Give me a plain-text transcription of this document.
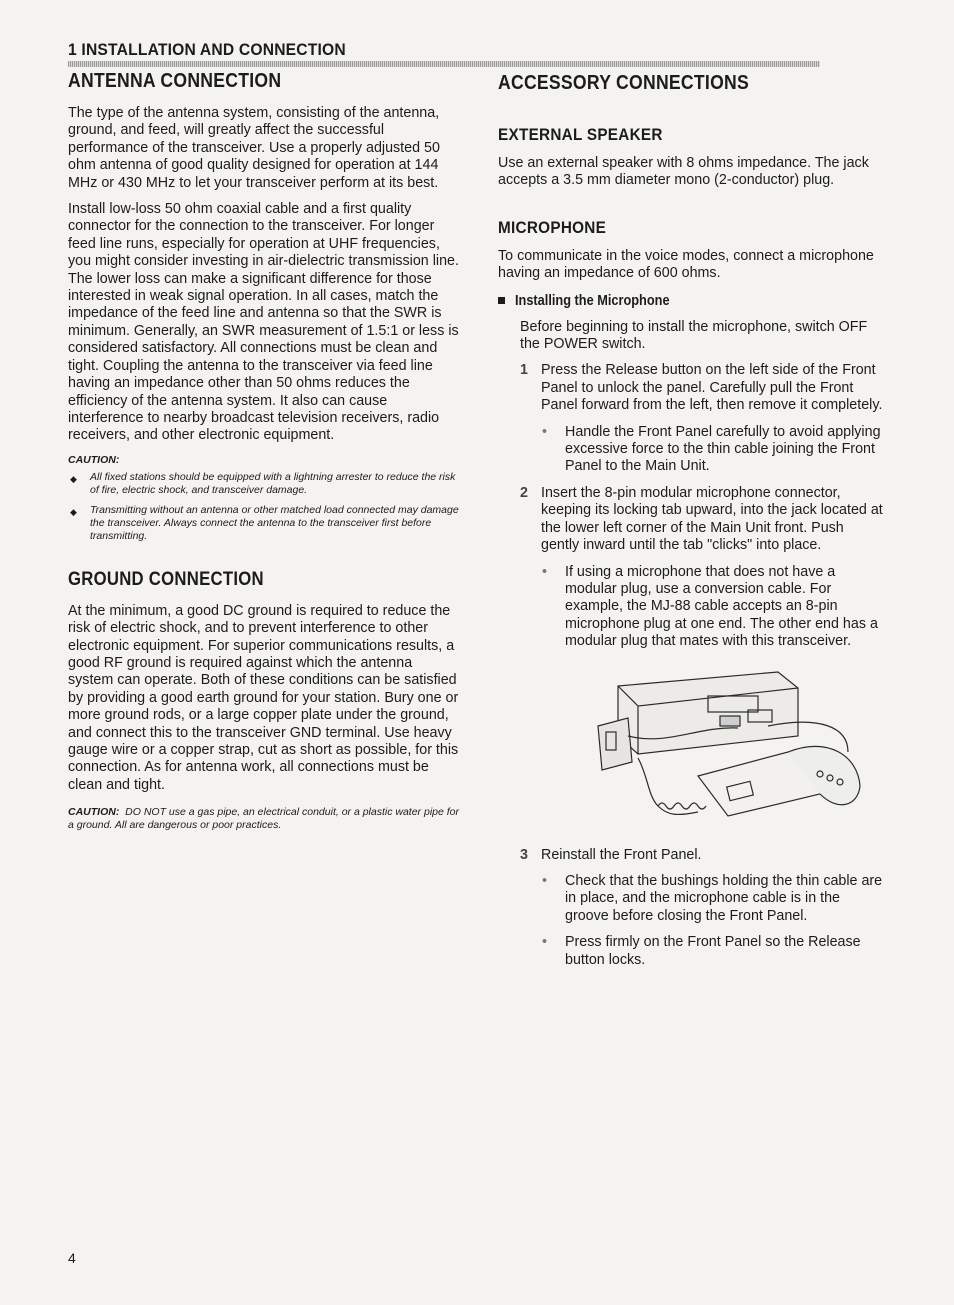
1 INSTALLATION AND CONNECTION
ANTENNA CONNECTION

The type of the antenna system, consisting of the antenna, ground, and feed, will greatly affect the successful performance of the transceiver. Use a properly adjusted 50 ohm antenna of good quality designed for operation at 144 MHz or 430 MHz to let your transceiver perform at its best.

Install low-loss 50 ohm coaxial cable and a first quality connector for the connection to the transceiver. For longer feed line runs, especially for operation at UHF frequencies, you might consider investing in air-dielectric transmission line. The lower loss can make a significant difference for those interested in weak signal operation. In all cases, match the impedance of the feed line and antenna so that the SWR is minimum. Generally, an SWR measurement of 1.5:1 or less is considered satisfactory. All connections must be clean and tight. Coupling the antenna to the transceiver via feed line having an impedance other than 50 ohms reduces the efficiency of the antenna system. It also can cause interference to nearby broadcast television receivers, radio receivers, and other electronic equipment.

CAUTION:
◆ All fixed stations should be equipped with a lightning arrester to reduce the risk of fire, electric shock, and transceiver damage.
◆ Transmitting without an antenna or other matched load connected may damage the transceiver. Always connect the antenna to the transceiver first before transmitting.
GROUND CONNECTION

At the minimum, a good DC ground is required to reduce the risk of electric shock, and to prevent interference to other electronic equipment. For superior communications results, a good RF ground is required against which the antenna system can operate. Both of these conditions can be satisfied by providing a good earth ground for your station. Bury one or more ground rods, or a large copper plate under the ground, and connect this to the transceiver GND terminal. Use heavy gauge wire or a copper strap, cut as short as possible, for this connection. As for antenna work, all connections must be clean and tight.

CAUTION: DO NOT use a gas pipe, an electrical conduit, or a plastic water pipe for a ground. All are dangerous or poor practices.

ACCESSORY CONNECTIONS
EXTERNAL SPEAKER

Use an external speaker with 8 ohms impedance. The jack accepts a 3.5 mm diameter mono (2-conductor) plug.

MICROPHONE

To communicate in the voice modes, connect a microphone having an impedance of 600 ohms.

Installing the Microphone

Before beginning to install the microphone, switch OFF the POWER switch.

1 Press the Release button on the left side of the Front Panel to unlock the panel. Carefully pull the Front Panel forward from the left, then remove it completely.
• Handle the Front Panel carefully to avoid applying excessive force to the thin cable joining the Front Panel to the Main Unit.
2 Insert the 8-pin modular microphone connector, keeping its locking tab upward, into the jack located at the lower left corner of the Main Unit front. Push gently inward until the tab "clicks" into place.
• If using a microphone that does not have a modular plug, use a conversion cable. For example, the MJ-88 cable accepts an 8-pin microphone plug at one end. The other end has a modular plug that mates with this transceiver.
3 Reinstall the Front Panel.
• Check that the bushings holding the thin cable are in place, and the microphone cable is in the groove before closing the Front Panel.
• Press firmly on the Front Panel so the Release button locks.
4
